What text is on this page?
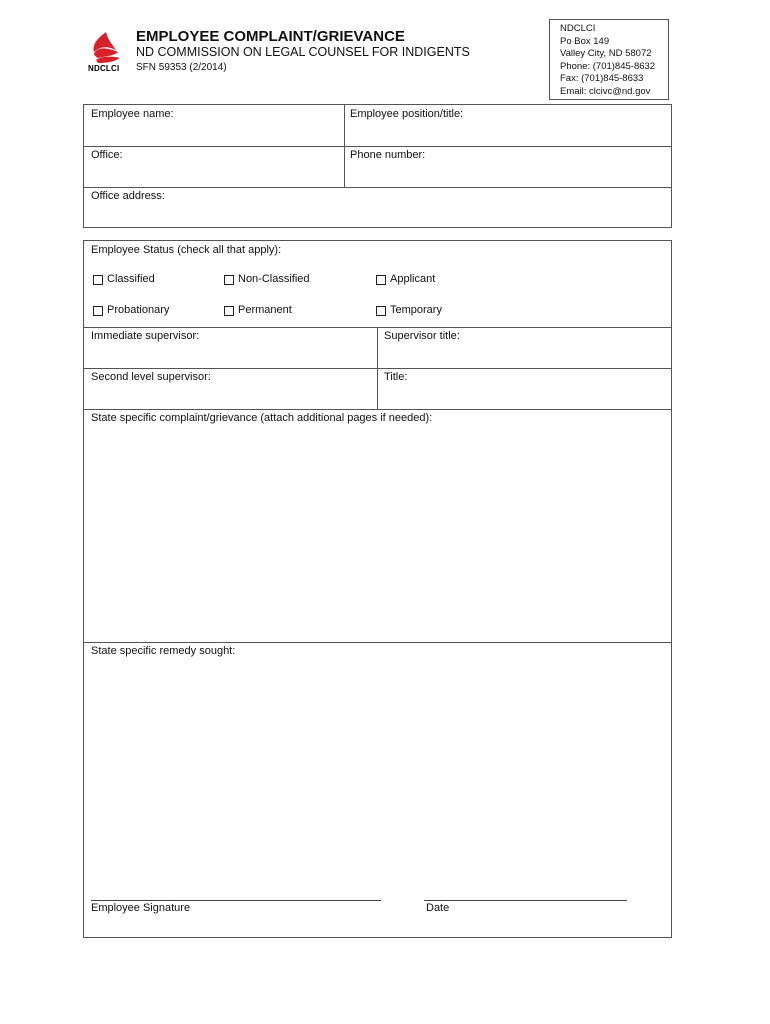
NDCLCI
EMPLOYEE COMPLAINT/GRIEVANCE
ND COMMISSION ON LEGAL COUNSEL FOR INDIGENTS
SFN 59353 (2/2014)
NDCLCI
Po Box 149
Valley City, ND 58072
Phone: (701)845-8632
Fax: (701)845-8633
Email: clcivc@nd.gov
Employee name:	Employee position/title:
Office:	Phone number:
Office address:
Employee Status (check all that apply):
Classified	Non-Classified	Applicant
Probationary	Permanent	Temporary
Immediate supervisor:	Supervisor title:
Second level supervisor:	Title:
State specific complaint/grievance (attach additional pages if needed):
State specific remedy sought:
Employee Signature	Date
